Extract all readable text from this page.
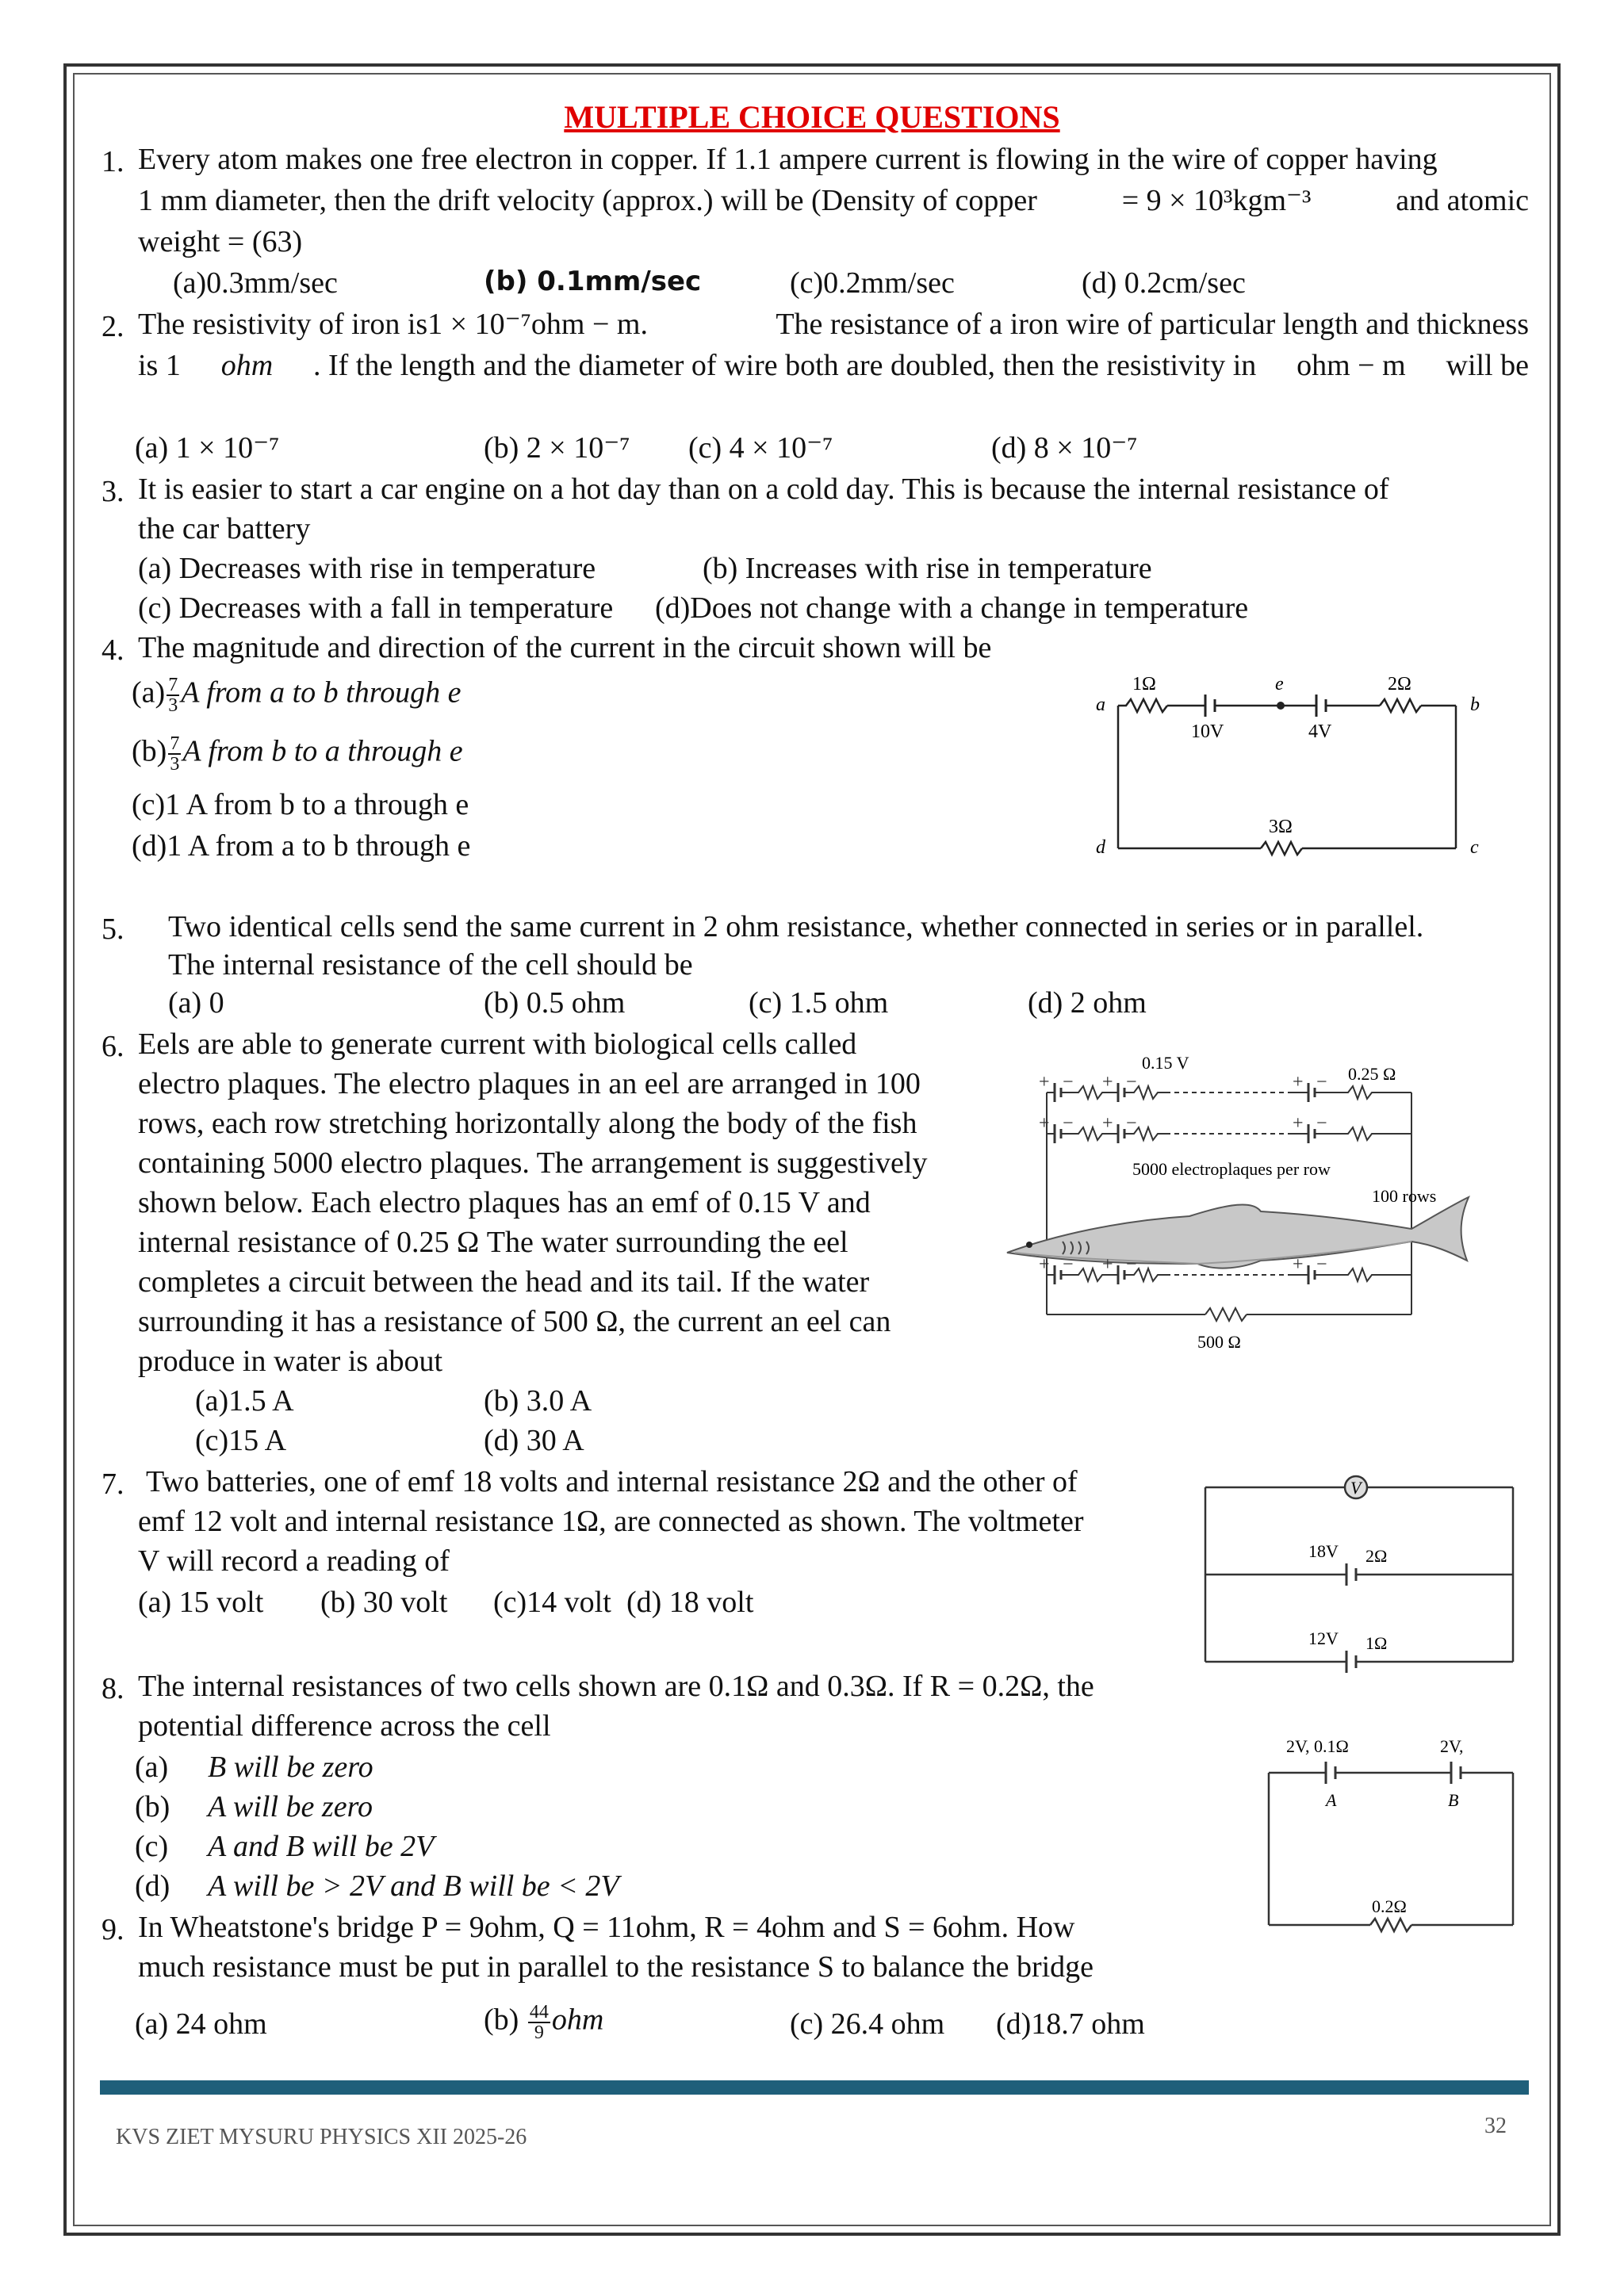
MULTIPLE CHOICE QUESTIONS
1. Every atom makes one free electron in copper. If 1.1 ampere current is flowing in the wire of copper having
1 mm diameter, then the drift velocity (approx.) will be (Density of copper	= 9 × 10³kgm⁻³	and atomic
weight = (63)
(a)0.3mm/sec	(b) 0.1mm/sec	(c)0.2mm/sec	(d) 0.2cm/sec
2. The resistivity of iron is1 × 10⁻⁷ohm − m.	The resistance of a iron wire of particular length and thickness
is 1 ohm . If the length and the diameter of wire both are doubled, then the resistivity in ohm − m will be
(a) 1 × 10⁻⁷	(b) 2 × 10⁻⁷ (c) 4 × 10⁻⁷	(d) 8 × 10⁻⁷
3. It is easier to start a car engine on a hot day than on a cold day. This is because the internal resistance of
the car battery
(a) Decreases with rise in temperature	(b) Increases with rise in temperature
(c) Decreases with a fall in temperature (d)Does not change with a change in temperature
4. The magnitude and direction of the current in the circuit shown will be
$(a) \frac{7}{3}$ A from a to b through e
$(b) \frac{7}{3}$ A from b to a through e
(c)1 A from b to a through e
(d)1 A from a to b through e
a	b
c
d
e
1Ω	2Ω
3Ω
10V	4V
5. Two identical cells send the same current in 2 ohm resistance, whether connected in series or in parallel.
The internal resistance of the cell should be
(a) 0	(b) 0.5 ohm	(c) 1.5 ohm	(d) 2 ohm
6. Eels are able to generate current with biological cells called
electro plaques. The electro plaques in an eel are arranged in 100
rows, each row stretching horizontally along the body of the fish
containing 5000 electro plaques. The arrangement is suggestively
shown below. Each electro plaques has an emf of 0.15 V and
internal resistance of 0.25 Ω The water surrounding the eel
completes a circuit between the head and its tail. If the water
surrounding it has a resistance of 500 Ω, the current an eel can
produce in water is about
(a)1.5 A	(b) 3.0 A
(c)15 A	(d) 30 A
+ − + −	+ −
+ − + −	+ −
+ − + −	+ −
0.15 V
0.25 Ω
5000 electroplaques per row
100 rows
500 Ω
7. Two batteries, one of emf 18 volts and internal resistance 2Ω and the other of
emf 12 volt and internal resistance 1Ω, are connected as shown. The voltmeter
V will record a reading of
(a) 15 volt (b) 30 volt (c)14 volt (d) 18 volt
V
18V 2Ω
12V 1Ω
8. The internal resistances of two cells shown are 0.1Ω and 0.3Ω. If R = 0.2Ω, the
potential difference across the cell
(a) B will be zero
(b) A will be zero
(c) A and B will be 2V
(d) A will be > 2V and B will be < 2V
2V, 0.1Ω	2V,
A	B
0.2Ω
9. In Wheatstone's bridge P = 9ohm, Q = 11ohm, R = 4ohm and S = 6ohm. How
much resistance must be put in parallel to the resistance S to balance the bridge
(a) 24 ohm	$(b) \frac{44}{9}$ ohm	(c) 26.4 ohm (d)18.7 ohm
KVS ZIET MYSURU PHYSICS XII 2025-26	32
